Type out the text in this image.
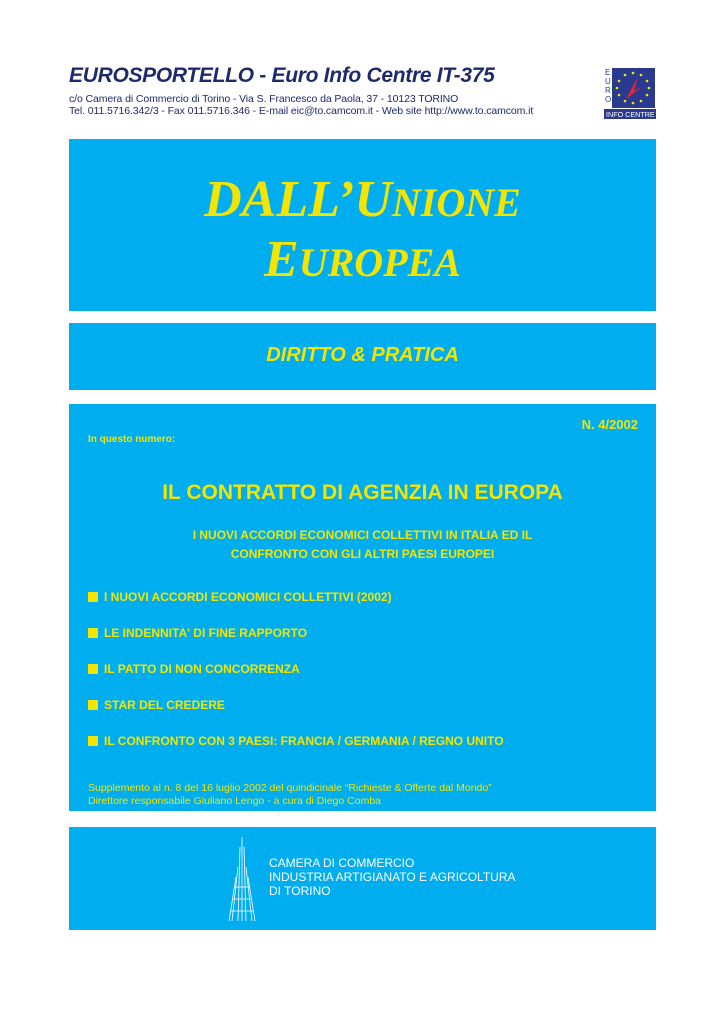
EUROSPORTELLO - Euro Info Centre IT-375
c/o Camera di Commercio di Torino - Via S. Francesco da Paola, 37 - 10123 TORINO
Tel. 011.5716.342/3 - Fax 011.5716.346 - E-mail eic@to.camcom.it - Web site http://www.to.camcom.it
E
U
R
O
INFO CENTRE
DALL’UNIONE
EUROPEA
DIRITTO & PRATICA
N. 4/2002
In questo numero:
IL CONTRATTO DI AGENZIA IN EUROPA
I NUOVI ACCORDI ECONOMICI COLLETTIVI IN ITALIA ED IL
CONFRONTO CON GLI ALTRI PAESI EUROPEI
I NUOVI ACCORDI ECONOMICI COLLETTIVI (2002)
LE INDENNITA' DI FINE RAPPORTO
IL PATTO DI NON CONCORRENZA
STAR DEL CREDERE
IL CONFRONTO CON 3 PAESI: FRANCIA / GERMANIA / REGNO UNITO
Supplemento al n. 8 del 16 luglio 2002 del quindicinale “Richieste & Offerte dal Mondo”
Direttore responsabile Giuliano Lengo - a cura di Diego Comba
CAMERA DI COMMERCIO
INDUSTRIA ARTIGIANATO E AGRICOLTURA
DI TORINO
